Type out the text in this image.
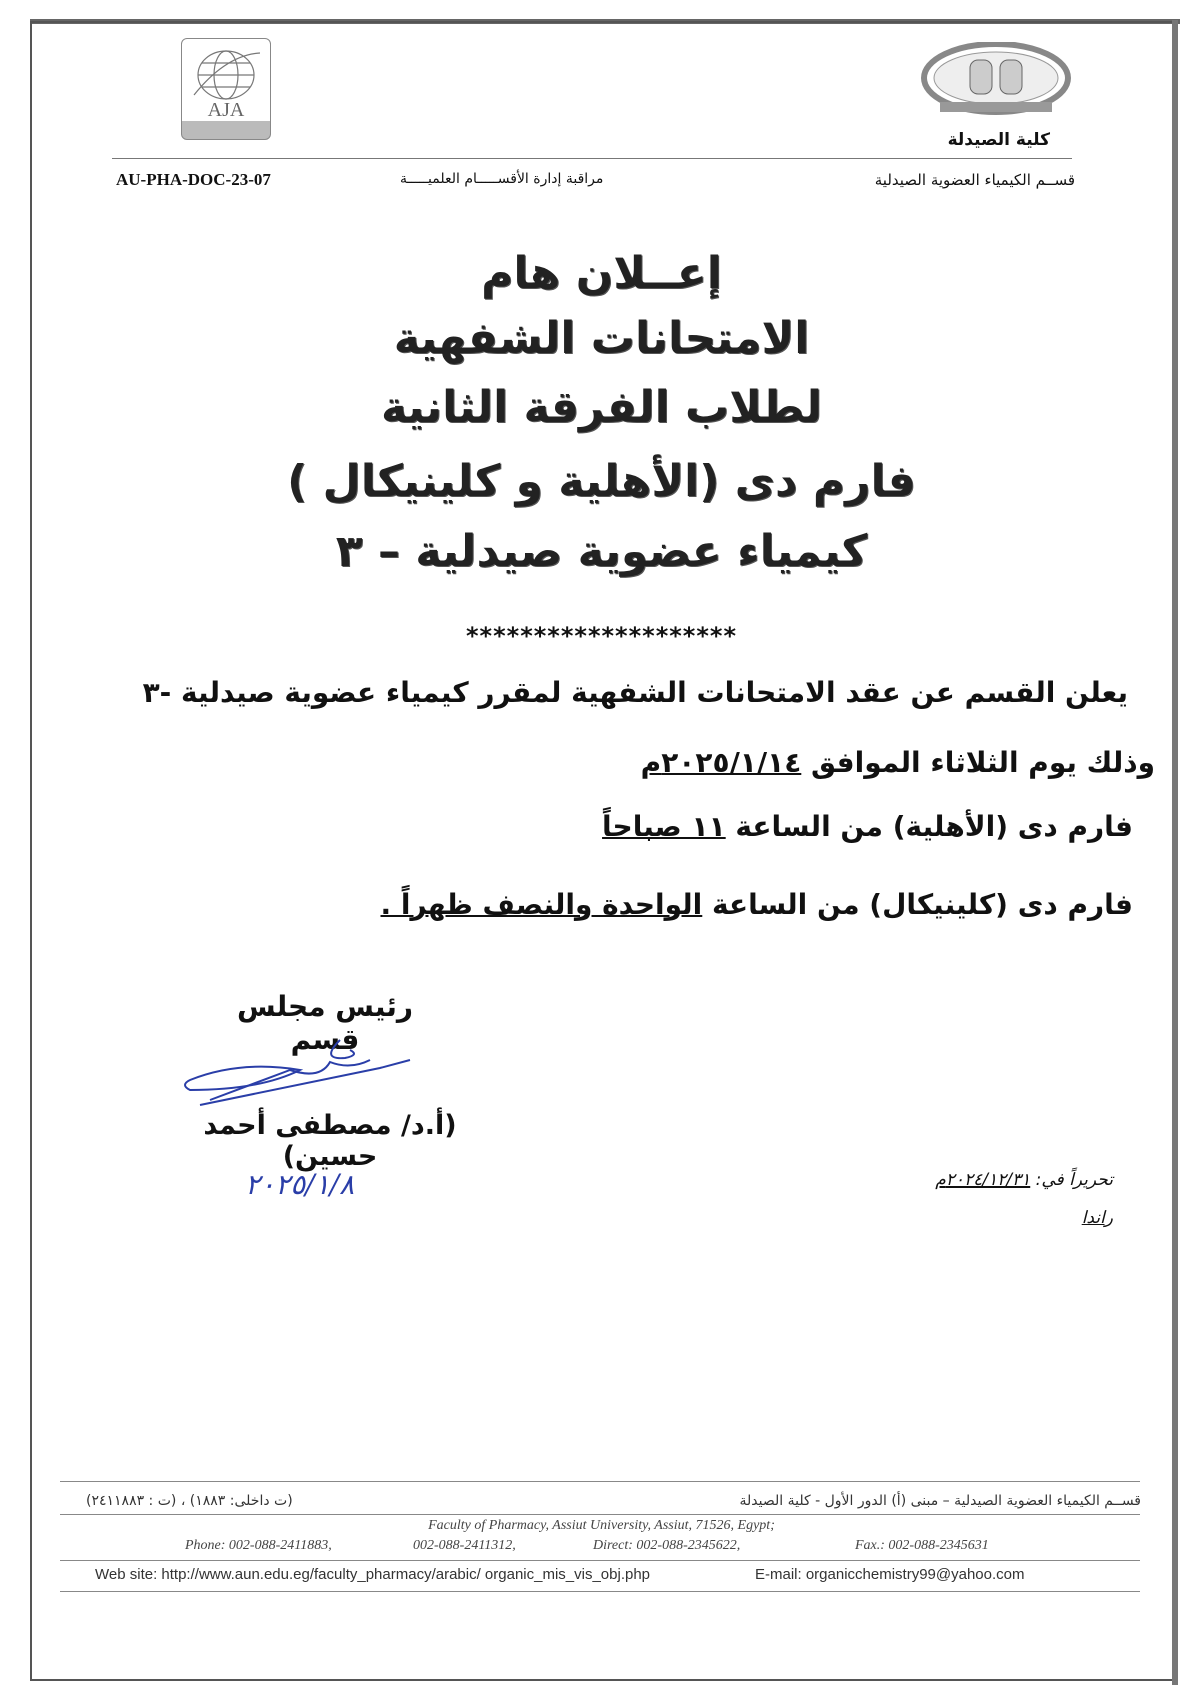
AJA
كلية الصيدلة
AU-PHA-DOC-23-07	مراقبة إدارة الأقســـــام العلميـــــة	قســم الكيمياء العضوية الصيدلية
إعــلان هام
الامتحانات الشفهية
لطلاب الفرقة الثانية
فارم دى (الأهلية و كلينيكال )
كيمياء عضوية صيدلية – ٣
********************
يعلن القسم عن عقد الامتحانات الشفهية لمقرر كيمياء عضوية صيدلية -٣
وذلك يوم الثلاثاء الموافق ٢٠٢٥/١/١٤م
فارم دى (الأهلية) من الساعة ١١ صباحاً
فارم دى (كلينيكال) من الساعة الواحدة والنصف ظهراً .
رئيس مجلس قسم
(أ.د/ مصطفى أحمد حسين)
٢٠٢٥/١/٨	تحريراً في: ٢٠٢٤/١٢/٣١م
راندا
قســم الكيمياء العضوية الصيدلية – مبنى (أ) الدور الأول - كلية الصيدلة
(ت داخلى: ١٨٨٣) ، (ت : ٢٤١١٨٨٣)
Faculty of Pharmacy, Assiut University, Assiut, 71526, Egypt;
Phone: 002-088-2411883,	002-088-2411312,	Direct: 002-088-2345622,	Fax.: 002-088-2345631
Web site: http://www.aun.edu.eg/faculty_pharmacy/arabic/ organic_mis_vis_obj.php	E-mail: organicchemistry99@yahoo.com
